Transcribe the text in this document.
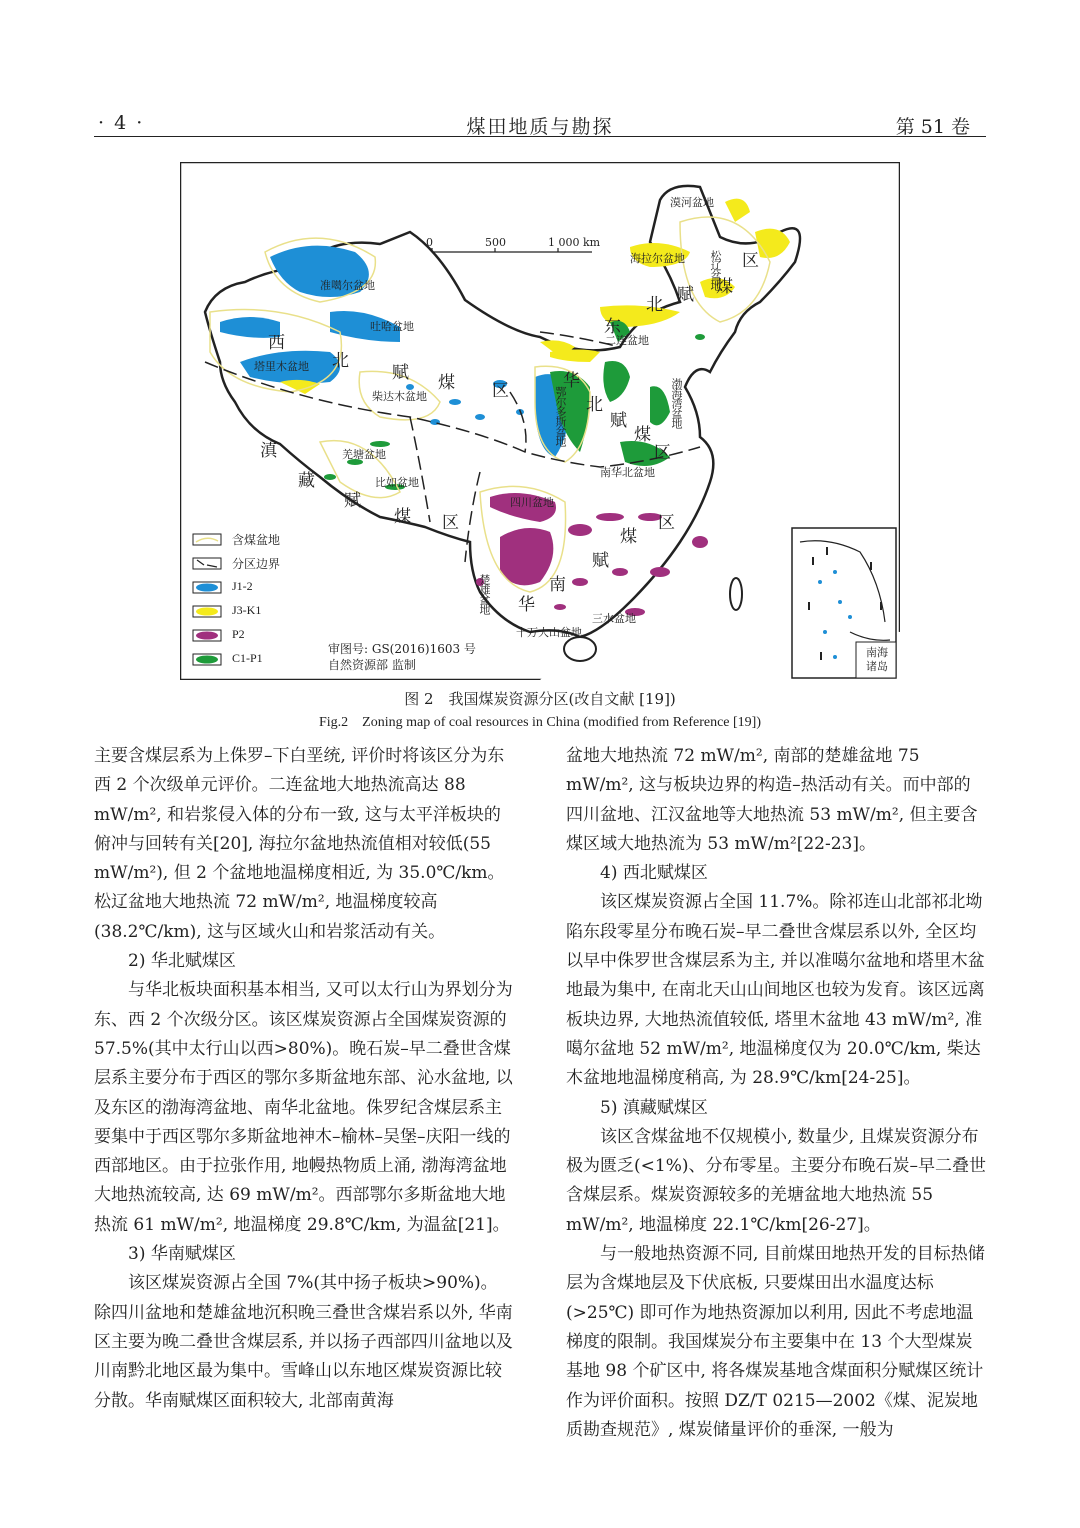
· 4 ·	煤田地质与勘探	第 51 卷
0	500	1 000 km
漠河盆地
海拉尔盆地 松辽盆地
二连盆地
准噶尔盆地
吐哈盆地
塔里木盆地
柴达木盆地	鄂尔多斯盆地	渤海湾盆地
南华北盆地
羌塘盆地
比如盆地
四川盆地
楚雄盆地
三水盆地
十万大山盆地
区
煤
赋
北
东
西
北
赋 煤 区	华
北
赋
煤
区
滇
藏
赋
煤 区
华
南
赋
煤
区
南海诸岛
含煤盆地
分区边界
J1-2
J3-K1
P2
C1-P1
审图号: GS(2016)1603 号
自然资源部 监制
图 2　我国煤炭资源分区(改自文献 [19])
Fig.2　Zoning map of coal resources in China (modified from Reference [19])

主要含煤层系为上侏罗–下白垩统, 评价时将该区分为东西 2 个次级单元评价。二连盆地大地热流高达 88 mW/m², 和岩浆侵入体的分布一致, 这与太平洋板块的俯冲与回转有关[20], 海拉尔盆地热流值相对较低(55 mW/m²), 但 2 个盆地地温梯度相近, 为 35.0℃/km。松辽盆地大地热流 72 mW/m², 地温梯度较高(38.2℃/km), 这与区域火山和岩浆活动有关。

2) 华北赋煤区

与华北板块面积基本相当, 又可以太行山为界划分为东、西 2 个次级分区。该区煤炭资源占全国煤炭资源的 57.5%(其中太行山以西>80%)。晚石炭–早二叠世含煤层系主要分布于西区的鄂尔多斯盆地东部、沁水盆地, 以及东区的渤海湾盆地、南华北盆地。侏罗纪含煤层系主要集中于西区鄂尔多斯盆地神木–榆林–吴堡–庆阳一线的西部地区。由于拉张作用, 地幔热物质上涌, 渤海湾盆地大地热流较高, 达 69 mW/m²。西部鄂尔多斯盆地大地热流 61 mW/m², 地温梯度 29.8℃/km, 为温盆[21]。

3) 华南赋煤区

该区煤炭资源占全国 7%(其中扬子板块>90%)。除四川盆地和楚雄盆地沉积晚三叠世含煤岩系以外, 华南区主要为晚二叠世含煤层系, 并以扬子西部四川盆地以及川南黔北地区最为集中。雪峰山以东地区煤炭资源比较分散。华南赋煤区面积较大, 北部南黄海

盆地大地热流 72 mW/m², 南部的楚雄盆地 75 mW/m², 这与板块边界的构造–热活动有关。而中部的四川盆地、江汉盆地等大地热流 53 mW/m², 但主要含煤区域大地热流为 53 mW/m²[22-23]。

4) 西北赋煤区

该区煤炭资源占全国 11.7%。除祁连山北部祁北坳陷东段零星分布晚石炭–早二叠世含煤层系以外, 全区均以早中侏罗世含煤层系为主, 并以准噶尔盆地和塔里木盆地最为集中, 在南北天山山间地区也较为发育。该区远离板块边界, 大地热流值较低, 塔里木盆地 43 mW/m², 准噶尔盆地 52 mW/m², 地温梯度仅为 20.0℃/km, 柴达木盆地地温梯度稍高, 为 28.9℃/km[24-25]。

5) 滇藏赋煤区

该区含煤盆地不仅规模小, 数量少, 且煤炭资源分布极为匮乏(<1%)、分布零星。主要分布晚石炭–早二叠世含煤层系。煤炭资源较多的羌塘盆地大地热流 55 mW/m², 地温梯度 22.1℃/km[26-27]。

与一般地热资源不同, 目前煤田地热开发的目标热储层为含煤地层及下伏底板, 只要煤田出水温度达标(>25℃) 即可作为地热资源加以利用, 因此不考虑地温梯度的限制。我国煤炭分布主要集中在 13 个大型煤炭基地 98 个矿区中, 将各煤炭基地含煤面积分赋煤区统计作为评价面积。按照 DZ/T 0215—2002《煤、泥炭地质勘查规范》, 煤炭储量评价的垂深, 一般为
